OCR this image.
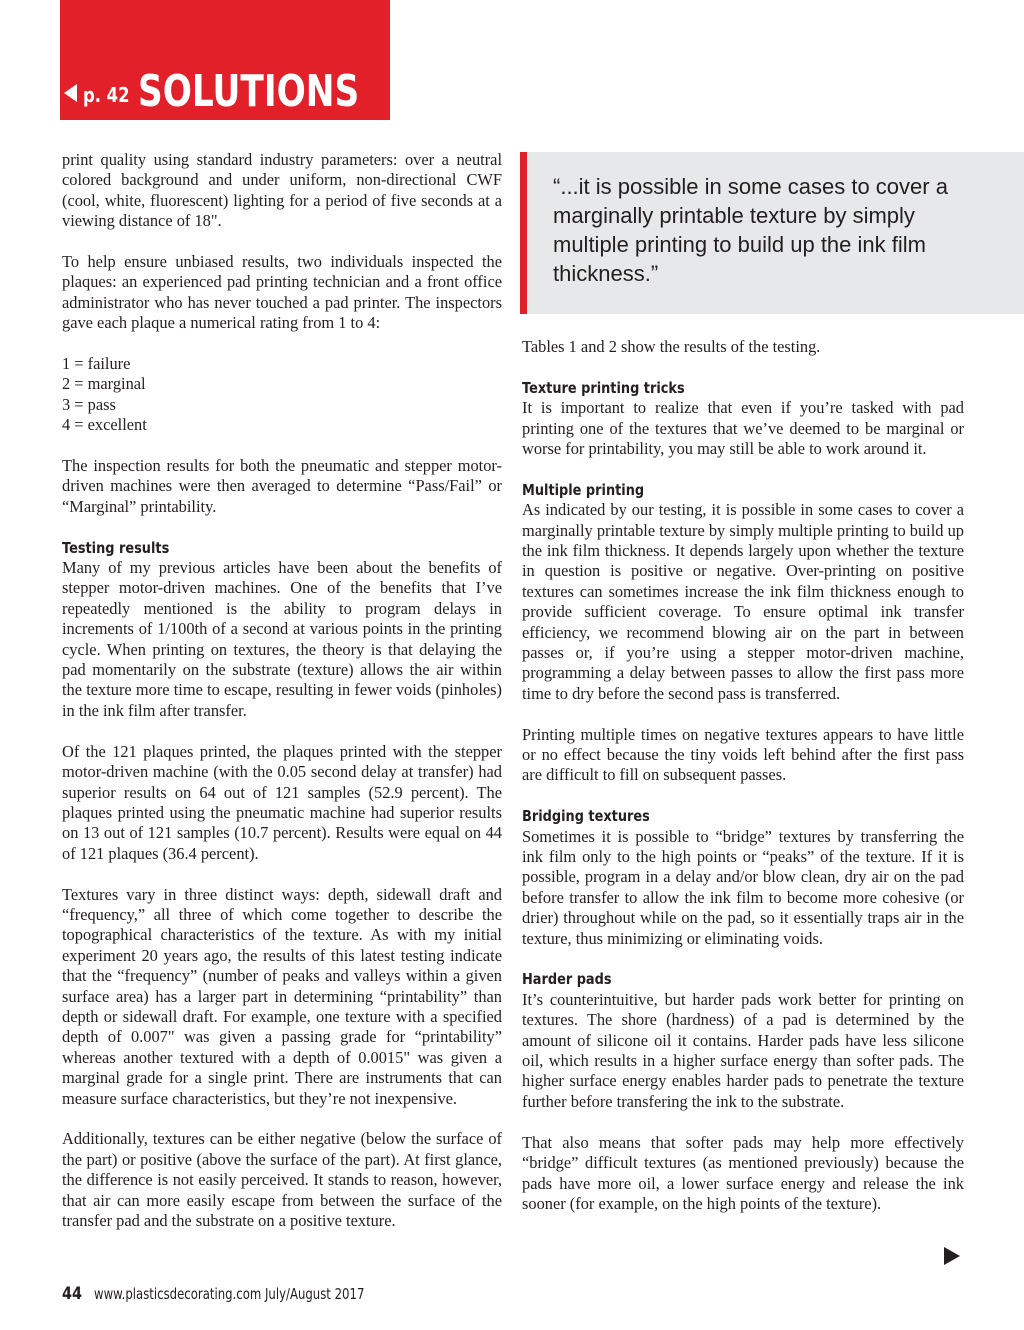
p. 42 SOLUTIONS

print quality using standard industry parameters: over a neutral colored background and under uniform, non-directional CWF (cool, white, fluorescent) lighting for a period of five seconds at a viewing distance of 18".

To help ensure unbiased results, two individuals inspected the plaques: an experienced pad printing technician and a front office administrator who has never touched a pad printer. The inspectors gave each plaque a numerical rating from 1 to 4:

1 = failure

2 = marginal

3 = pass

4 = excellent

The inspection results for both the pneumatic and stepper motor-driven machines were then averaged to determine “Pass/Fail” or “Marginal” printability.

Testing results

Many of my previous articles have been about the benefits of stepper motor-driven machines. One of the benefits that I’ve repeatedly mentioned is the ability to program delays in increments of 1/100th of a second at various points in the printing cycle. When printing on textures, the theory is that delaying the pad momentarily on the substrate (texture) allows the air within the texture more time to escape, resulting in fewer voids (pinholes) in the ink film after transfer.

Of the 121 plaques printed, the plaques printed with the stepper motor-driven machine (with the 0.05 second delay at transfer) had superior results on 64 out of 121 samples (52.9 percent). The plaques printed using the pneumatic machine had superior results on 13 out of 121 samples (10.7 percent). Results were equal on 44 of 121 plaques (36.4 percent).

Textures vary in three distinct ways: depth, sidewall draft and “frequency,” all three of which come together to describe the topographical characteristics of the texture. As with my initial experiment 20 years ago, the results of this latest testing indicate that the “frequency” (number of peaks and valleys within a given surface area) has a larger part in determining “printability” than depth or sidewall draft. For example, one texture with a specified depth of 0.007" was given a passing grade for “printability” whereas another textured with a depth of 0.0015" was given a marginal grade for a single print. There are instruments that can measure surface characteristics, but they’re not inexpensive.

Additionally, textures can be either negative (below the surface of the part) or positive (above the surface of the part). At first glance, the difference is not easily perceived. It stands to reason, however, that air can more easily escape from between the surface of the transfer pad and the substrate on a positive texture.

“...it is possible in some cases to cover a marginally printable texture by simply multiple printing to build up the ink film thickness.”

Tables 1 and 2 show the results of the testing.

Texture printing tricks

It is important to realize that even if you’re tasked with pad printing one of the textures that we’ve deemed to be marginal or worse for printability, you may still be able to work around it.

Multiple printing

As indicated by our testing, it is possible in some cases to cover a marginally printable texture by simply multiple printing to build up the ink film thickness. It depends largely upon whether the texture in question is positive or negative. Over-printing on positive textures can sometimes increase the ink film thickness enough to provide sufficient coverage. To ensure optimal ink transfer efficiency, we recommend blowing air on the part in between passes or, if you’re using a stepper motor-driven machine, programming a delay between passes to allow the first pass more time to dry before the second pass is transferred.

Printing multiple times on negative textures appears to have little or no effect because the tiny voids left behind after the first pass are difficult to fill on subsequent passes.

Bridging textures

Sometimes it is possible to “bridge” textures by transferring the ink film only to the high points or “peaks” of the texture. If it is possible, program in a delay and/or blow clean, dry air on the pad before transfer to allow the ink film to become more cohesive (or drier) throughout while on the pad, so it essentially traps air in the texture, thus minimizing or eliminating voids.

Harder pads

It’s counterintuitive, but harder pads work better for printing on textures. The shore (hardness) of a pad is determined by the amount of silicone oil it contains. Harder pads have less silicone oil, which results in a higher surface energy than softer pads. The higher surface energy enables harder pads to penetrate the texture further before transfering the ink to the substrate.

That also means that softer pads may help more effectively “bridge” difficult textures (as mentioned previously) because the pads have more oil, a lower surface energy and release the ink sooner (for example, on the high points of the texture).

44 www.plasticsdecorating.com July/August 2017
